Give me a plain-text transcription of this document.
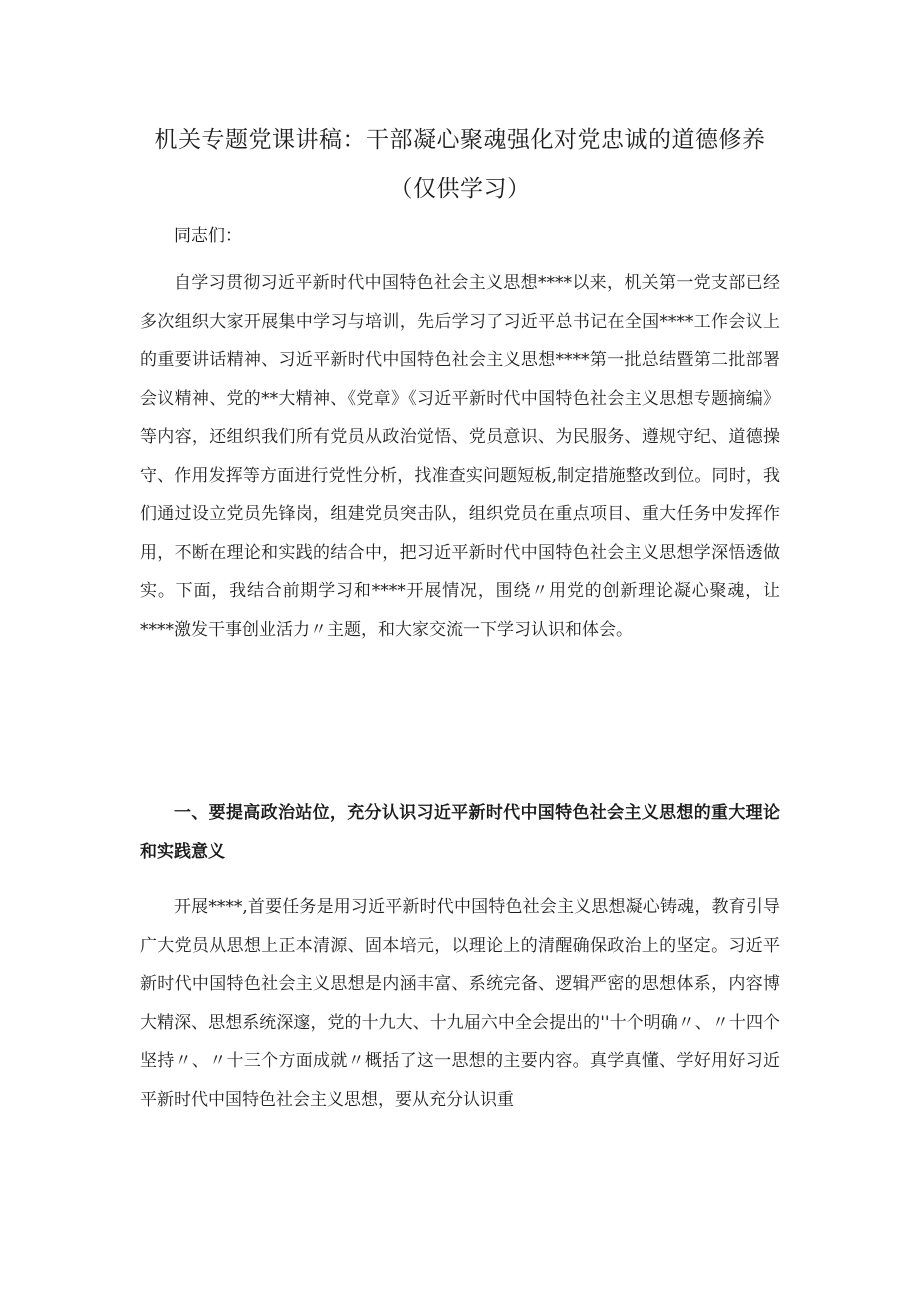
机关专题党课讲稿：干部凝心聚魂强化对党忠诚的道德修养
（仅供学习）
同志们：

自学习贯彻习近平新时代中国特色社会主义思想****以来，机关第一党支部已经多次组织大家开展集中学习与培训，先后学习了习近平总书记在全国****工作会议上的重要讲话精神、习近平新时代中国特色社会主义思想****第一批总结暨第二批部署会议精神、党的**大精神、《党章》《习近平新时代中国特色社会主义思想专题摘编》等内容，还组织我们所有党员从政治觉悟、党员意识、为民服务、遵规守纪、道德操守、作用发挥等方面进行党性分析，找准查实问题短板,制定措施整改到位。同时，我们通过设立党员先锋岗，组建党员突击队，组织党员在重点项目、重大任务中发挥作用，不断在理论和实践的结合中，把习近平新时代中国特色社会主义思想学深悟透做实。下面，我结合前期学习和****开展情况，围绕〃用党的创新理论凝心聚魂，让****激发干事创业活力〃主题，和大家交流一下学习认识和体会。

一、要提高政治站位，充分认识习近平新时代中国特色社会主义思想的重大理论和实践意义

开展****,首要任务是用习近平新时代中国特色社会主义思想凝心铸魂，教育引导广大党员从思想上正本清源、固本培元，以理论上的清醒确保政治上的坚定。习近平新时代中国特色社会主义思想是内涵丰富、系统完备、逻辑严密的思想体系，内容博大精深、思想系统深邃，党的十九大、十九届六中全会提出的''十个明确〃、〃十四个坚持〃、〃十三个方面成就〃概括了这一思想的主要内容。真学真懂、学好用好习近平新时代中国特色社会主义思想，要从充分认识重
